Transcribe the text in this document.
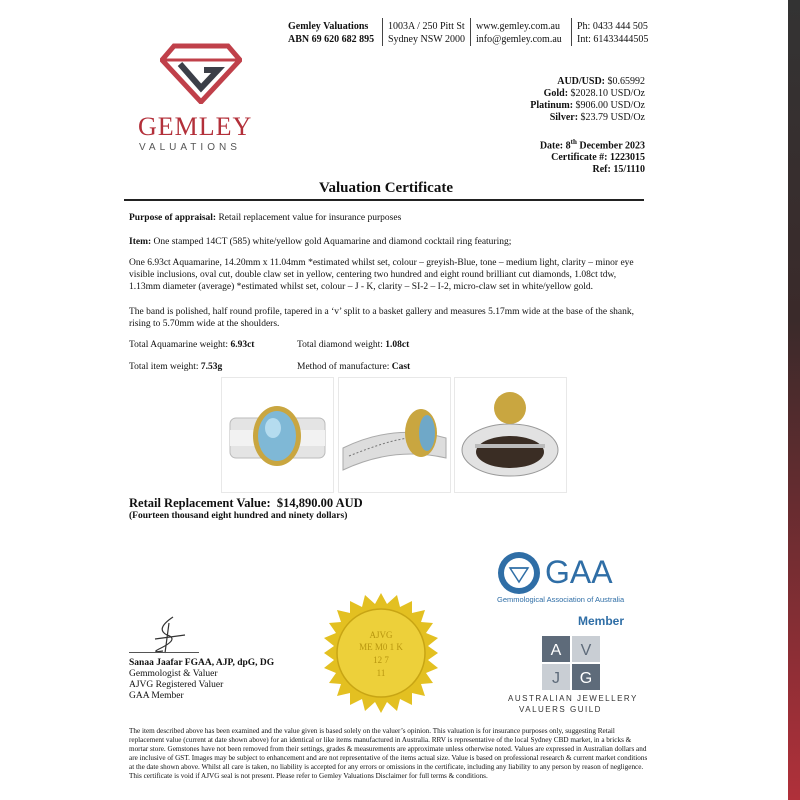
Gemley Valuations
ABN 69 620 682 895
1003A / 250 Pitt St
Sydney NSW 2000
www.gemley.com.au
info@gemley.com.au
Ph: 0433 444 505
Int: 61433444505
GEMLEY
VALUATIONS
AUD/USD: $0.65992
Gold: $2028.10 USD/Oz
Platinum: $906.00 USD/Oz
Silver: $23.79 USD/Oz
Date: 8th December 2023
Certificate #: 1223015
Ref: 15/1110
Valuation Certificate
Purpose of appraisal: Retail replacement value for insurance purposes
Item: One stamped 14CT (585) white/yellow gold Aquamarine and diamond cocktail ring featuring;
One 6.93ct Aquamarine, 14.20mm x 11.04mm *estimated whilst set, colour – greyish-Blue, tone – medium light, clarity – minor eye visible inclusions, oval cut, double claw set in yellow, centering two hundred and eight round brilliant cut diamonds, 1.08ct tdw, 1.13mm diameter (average) *estimated whilst set, colour – J - K, clarity – SI-2 – I-2, micro-claw set in white/yellow gold.
The band is polished, half round profile, tapered in a ‘v’ split to a basket gallery and measures 5.17mm wide at the base of the shank, rising to 5.70mm wide at the shoulders.
Total Aquamarine weight: 6.93ct	Total diamond weight: 1.08ct
Total item weight: 7.53g	Method of manufacture: Cast
Retail Replacement Value: $14,890.00 AUD
(Fourteen thousand eight hundred and ninety dollars)
Sanaa Jaafar FGAA, AJP, dpG, DG
Gemmologist & Valuer
AJVG Registered Valuer
GAA Member
AJVG
ME M0 1 K
12 7
11
GAA
Gemmological Association of Australia
Member
A V
J G
AUSTRALIAN JEWELLERY
VALUERS GUILD
The item described above has been examined and the value given is based solely on the valuer’s opinion. This valuation is for insurance purposes only, suggesting Retail replacement value (current at date shown above) for an identical or like items manufactured in Australia. RRV is representative of the local Sydney CBD market, in a bricks & mortar store. Gemstones have not been removed from their settings, grades & measurements are approximate unless otherwise noted. Values are expressed in Australian dollars and are inclusive of GST. Images may be subject to enhancement and are not representative of the items actual size. Value is based on professional research & current market conditions at the date shown above. Whilst all care is taken, no liability is accepted for any errors or omissions in the certificate, including any liability to any person by reason of negligence. This certificate is void if AJVG seal is not present. Please refer to Gemley Valuations Disclaimer for full terms & conditions.
